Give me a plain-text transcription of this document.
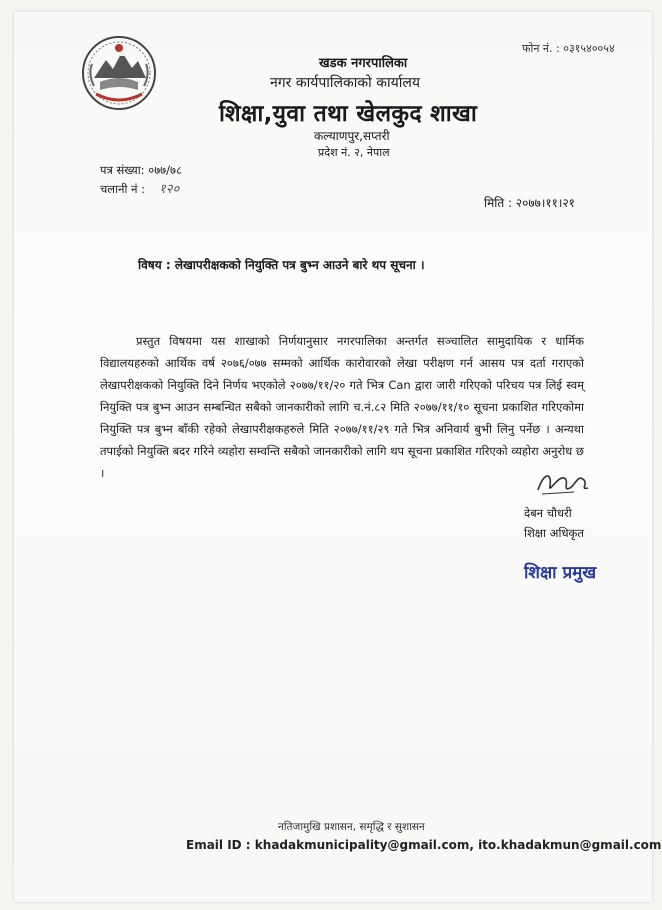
फोन नं. : ०३१५४००५४
खडक नगरपालिका
नगर कार्यपालिकाको कार्यालय
शिक्षा,युवा तथा खेलकुद शाखा
कल्याणपुर,सप्तरी
प्रदेश नं. २, नेपाल
पत्र संख्या: ०७७/७८
चलानी नं : १२०
मिति : २०७७।११।२१
विषय : लेखापरीक्षकको नियुक्ति पत्र बुभ्न आउने बारे थप सूचना ।

प्रस्तुत विषयमा यस शाखाको निर्णयानुसार नगरपालिका अन्तर्गत सञ्चालित सामुदायिक र धार्मिक विद्यालयहरुको आर्थिक वर्ष २०७६/०७७ सम्मको आर्थिक कारोवारको लेखा परीक्षण गर्न आसय पत्र दर्ता गराएको लेखापरीक्षकको नियुक्ति दिने निर्णय भएकोले २०७७/११/२० गते भित्र Can द्वारा जारी गरिएको परिचय पत्र लिई स्वम् नियुक्ति पत्र बुभ्न आउन सम्बन्धित सबैको जानकारीको लागि च.नं.८२ मिति २०७७/११/१० सूचना प्रकाशित गरिएकोमा नियुक्ति पत्र बुभ्न बाँकी रहेको लेखापरीक्षकहरुले मिति २०७७/११/२९ गते भित्र अनिवार्य बुभी लिनु पर्नेछ । अन्यथा तपाईको नियुक्ति बदर गरिने व्यहोरा सम्वन्ति सबैको जानकारीको लागि थप सूचना प्रकाशित गरिएको व्यहोरा अनुरोध छ ।

देबन चौधरी
शिक्षा अधिकृत
शिक्षा प्रमुख
नतिजामुखि प्रशासन, समृद्धि र सुशासन
Email ID : khadakmunicipality@gmail.com, ito.khadakmun@gmail.com
